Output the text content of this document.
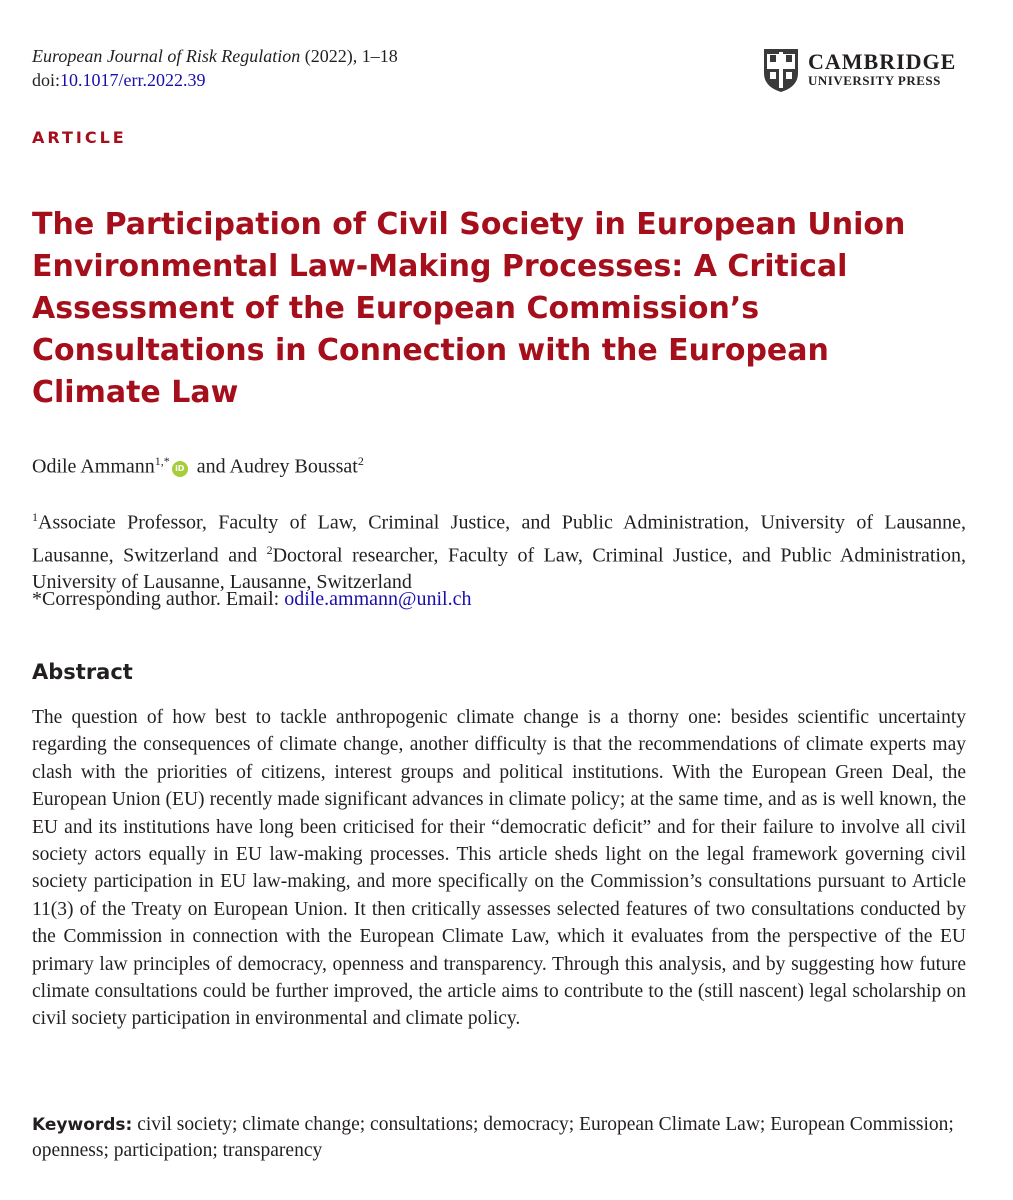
European Journal of Risk Regulation (2022), 1–18
doi:10.1017/err.2022.39
CAMBRIDGE
UNIVERSITY PRESS
ARTICLE
The Participation of Civil Society in European Union Environmental Law-Making Processes: A Critical Assessment of the European Commission’s Consultations in Connection with the European Climate Law
Odile Ammann$^{1,*}$iD and Audrey Boussat$^2$
$^1$Associate Professor, Faculty of Law, Criminal Justice, and Public Administration, University of Lausanne, Lausanne, Switzerland and $^2$Doctoral researcher, Faculty of Law, Criminal Justice, and Public Administration, University of Lausanne, Lausanne, Switzerland
*Corresponding author. Email: odile.ammann@unil.ch
Abstract

The question of how best to tackle anthropogenic climate change is a thorny one: besides scientific uncertainty regarding the consequences of climate change, another difficulty is that the recommendations of climate experts may clash with the priorities of citizens, interest groups and political institutions. With the European Green Deal, the European Union (EU) recently made significant advances in climate policy; at the same time, and as is well known, the EU and its institutions have long been criticised for their “democratic deficit” and for their failure to involve all civil society actors equally in EU law-making processes. This article sheds light on the legal framework governing civil society participation in EU law-making, and more specifically on the Commission’s consultations pursuant to Article 11(3) of the Treaty on European Union. It then critically assesses selected features of two consultations conducted by the Commission in connection with the European Climate Law, which it evaluates from the perspective of the EU primary law principles of democracy, openness and transparency. Through this analysis, and by suggesting how future climate consultations could be further improved, the article aims to contribute to the (still nascent) legal scholarship on civil society participation in environmental and climate policy.

Keywords: civil society; climate change; consultations; democracy; European Climate Law; European Commission; openness; participation; transparency
